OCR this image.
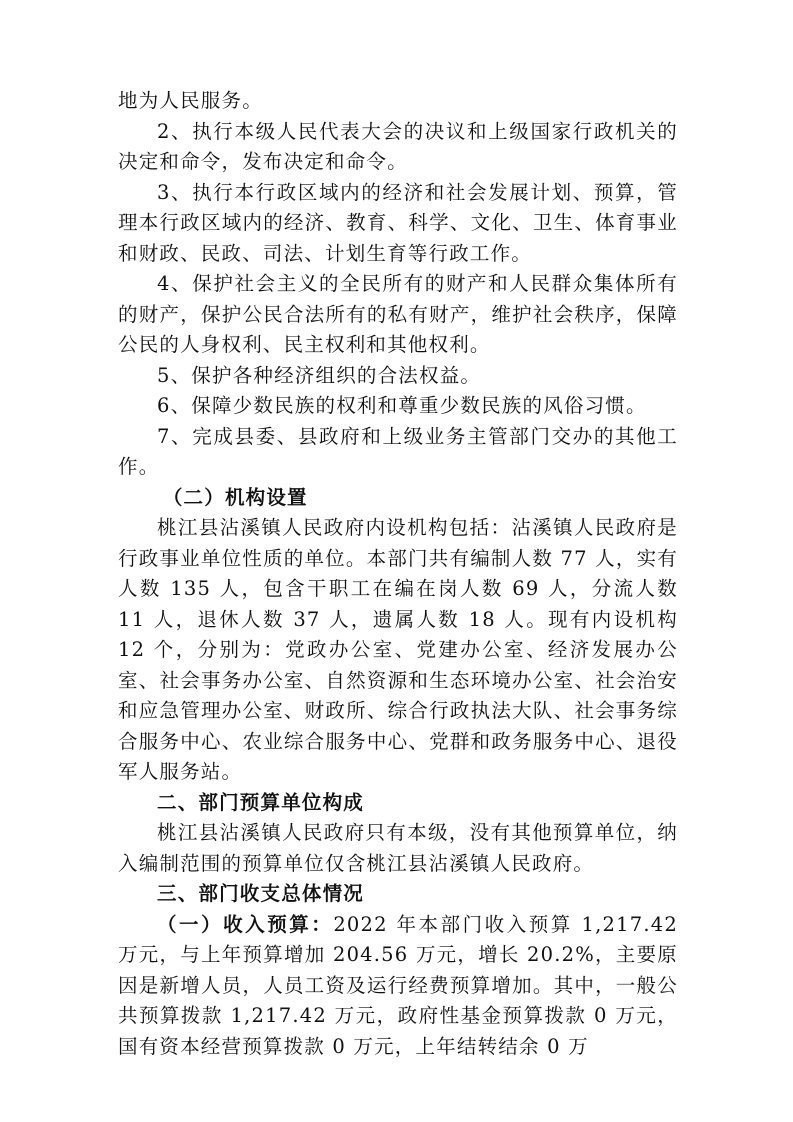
地为人民服务。

2、执行本级人民代表大会的决议和上级国家行政机关的决定和命令，发布决定和命令。

3、执行本行政区域内的经济和社会发展计划、预算，管理本行政区域内的经济、教育、科学、文化、卫生、体育事业和财政、民政、司法、计划生育等行政工作。

4、保护社会主义的全民所有的财产和人民群众集体所有的财产，保护公民合法所有的私有财产，维护社会秩序，保障公民的人身权利、民主权利和其他权利。

5、保护各种经济组织的合法权益。

6、保障少数民族的权利和尊重少数民族的风俗习惯。

7、完成县委、县政府和上级业务主管部门交办的其他工作。

（二）机构设置

桃江县沾溪镇人民政府内设机构包括：沾溪镇人民政府是行政事业单位性质的单位。本部门共有编制人数 77 人，实有人数 135 人，包含干职工在编在岗人数 69 人，分流人数 11 人，退休人数 37 人，遗属人数 18 人。现有内设机构 12 个，分别为：党政办公室、党建办公室、经济发展办公室、社会事务办公室、自然资源和生态环境办公室、社会治安和应急管理办公室、财政所、综合行政执法大队、社会事务综合服务中心、农业综合服务中心、党群和政务服务中心、退役军人服务站。

二、部门预算单位构成

桃江县沾溪镇人民政府只有本级，没有其他预算单位，纳入编制范围的预算单位仅含桃江县沾溪镇人民政府。

三、部门收支总体情况

（一）收入预算：2022 年本部门收入预算 1,217.42 万元，与上年预算增加 204.56 万元，增长 20.2%，主要原因是新增人员，人员工资及运行经费预算增加。其中，一般公共预算拨款 1,217.42 万元，政府性基金预算拨款 0 万元，国有资本经营预算拨款 0 万元，上年结转结余 0 万
